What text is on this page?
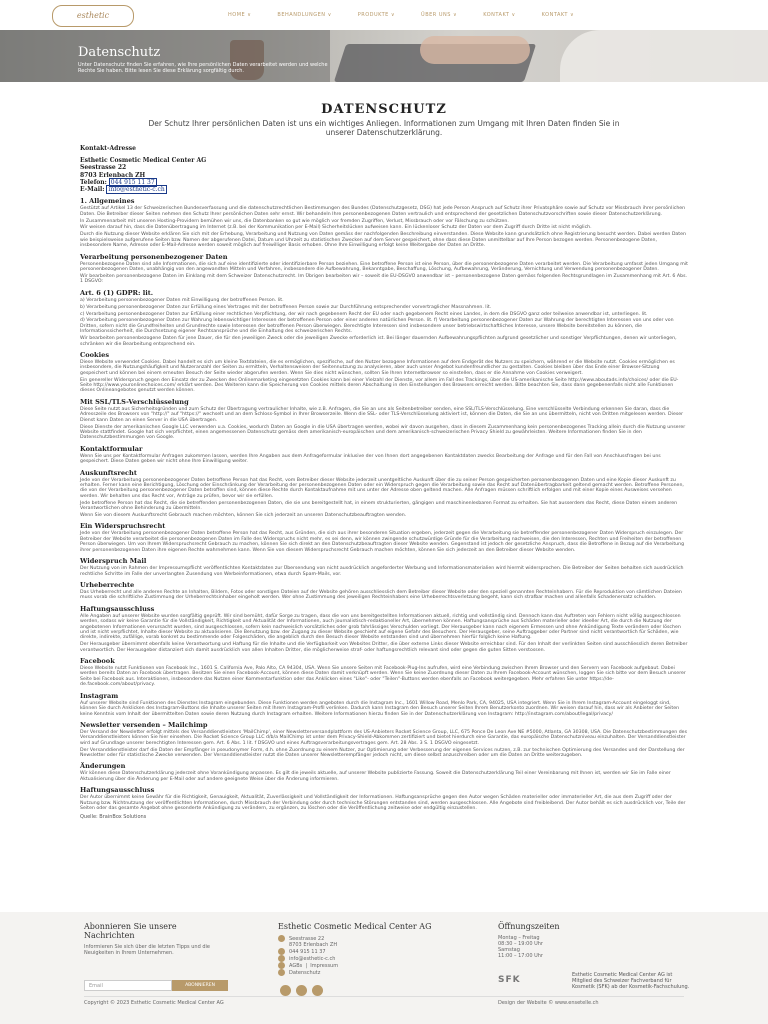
esthetic	HOME ∨	BEHANDLUNGEN ∨	PRODUKTE ∨	ÜBER UNS ∨	KONTAKT ∨	KONTAKT ∨
Datenschutz
Unter Datenschutz finden Sie erfahren, wie Ihre persönlichen Daten verarbeitet werden und welche Rechte Sie haben. Bitte lesen Sie diese Erklärung sorgfältig durch.
DATENSCHUTZ
Der Schutz Ihrer persönlichen Daten ist uns ein wichtiges Anliegen. Informationen zum Umgang mit Ihren Daten finden Sie in unserer Datenschutzerklärung.
Kontakt-Adresse
Esthetic Cosmetic Medical Center AG
Seestrasse 22
8703 Erlenbach ZH
Telefon: 044 915 11 37
E-Mail: info@esthetic-c.ch
1. Allgemeines

Gestützt auf Artikel 13 der Schweizerischen Bundesverfassung und die datenschutzrechtlichen Bestimmungen des Bundes (Datenschutzgesetz, DSG) hat jede Person Anspruch auf Schutz ihrer Privatsphäre sowie auf Schutz vor Missbrauch ihrer persönlichen Daten. Die Betreiber dieser Seiten nehmen den Schutz Ihrer persönlichen Daten sehr ernst. Wir behandeln Ihre personenbezogenen Daten vertraulich und entsprechend der gesetzlichen Datenschutzvorschriften sowie dieser Datenschutzerklärung.

In Zusammenarbeit mit unseren Hosting-Providern bemühen wir uns, die Datenbanken so gut wie möglich vor fremden Zugriffen, Verlust, Missbrauch oder vor Fälschung zu schützen.

Wir weisen darauf hin, dass die Datenübertragung im Internet (z.B. bei der Kommunikation per E-Mail) Sicherheitslücken aufweisen kann. Ein lückenloser Schutz der Daten vor dem Zugriff durch Dritte ist nicht möglich.

Durch die Nutzung dieser Website erklären Sie sich mit der Erhebung, Verarbeitung und Nutzung von Daten gemäss der nachfolgenden Beschreibung einverstanden. Diese Website kann grundsätzlich ohne Registrierung besucht werden. Dabei werden Daten wie beispielsweise aufgerufene Seiten bzw. Namen der abgerufenen Datei, Datum und Uhrzeit zu statistischen Zwecken auf dem Server gespeichert, ohne dass diese Daten unmittelbar auf Ihre Person bezogen werden. Personenbezogene Daten, insbesondere Name, Adresse oder E-Mail-Adresse werden soweit möglich auf freiwilliger Basis erhoben. Ohne Ihre Einwilligung erfolgt keine Weitergabe der Daten an Dritte.

Verarbeitung personenbezogener Daten

Personenbezogene Daten sind alle Informationen, die sich auf eine identifizierte oder identifizierbare Person beziehen. Eine betroffene Person ist eine Person, über die personenbezogene Daten verarbeitet werden. Die Verarbeitung umfasst jeden Umgang mit personenbezogenen Daten, unabhängig von den angewandten Mitteln und Verfahren, insbesondere die Aufbewahrung, Bekanntgabe, Beschaffung, Löschung, Aufbewahrung, Veränderung, Vernichtung und Verwendung personenbezogener Daten.

Wir bearbeiten personenbezogene Daten im Einklang mit dem Schweizer Datenschutzrecht. Im Übrigen bearbeiten wir – soweit die EU-DSGVO anwendbar ist – personenbezogene Daten gemäss folgenden Rechtsgrundlagen im Zusammenhang mit Art. 6 Abs. 1 DSGVO:

Art. 6 (1) GDPR: lit.

a) Verarbeitung personenbezogener Daten mit Einwilligung der betroffenen Person. lit.

b) Verarbeitung personenbezogener Daten zur Erfüllung eines Vertrages mit der betroffenen Person sowie zur Durchführung entsprechender vorvertraglicher Massnahmen. lit.

c) Verarbeitung personenbezogener Daten zur Erfüllung einer rechtlichen Verpflichtung, der wir nach gegebenem Recht der EU oder nach gegebenem Recht eines Landes, in dem die DSGVO ganz oder teilweise anwendbar ist, unterliegen. lit.

d) Verarbeitung personenbezogener Daten zur Wahrung lebenswichtiger Interessen der betroffenen Person oder einer anderen natürlichen Person. lit. f) Verarbeitung personenbezogener Daten zur Wahrung der berechtigten Interessen von uns oder von Dritten, sofern nicht die Grundfreiheiten und Grundrechte sowie Interessen der betroffenen Person überwiegen. Berechtigte Interessen sind insbesondere unser betriebswirtschaftliches Interesse, unsere Website bereitstellen zu können, die Informationssicherheit, die Durchsetzung eigener Rechtsansprüche und die Einhaltung des schweizerischen Rechts.

Wir bearbeiten personenbezogene Daten für jene Dauer, die für den jeweiligen Zweck oder die jeweiligen Zwecke erforderlich ist. Bei länger dauernden Aufbewahrungspflichten aufgrund gesetzlicher und sonstiger Verpflichtungen, denen wir unterliegen, schränken wir die Bearbeitung entsprechend ein.

Cookies

Diese Website verwendet Cookies. Dabei handelt es sich um kleine Textdateien, die es ermöglichen, spezifische, auf den Nutzer bezogene Informationen auf dem Endgerät des Nutzers zu speichern, während er die Website nutzt. Cookies ermöglichen es insbesondere, die Nutzungshäufigkeit und Nutzeranzahl der Seiten zu ermitteln, Verhaltensweisen der Seitennutzung zu analysieren, aber auch unser Angebot kundenfreundlicher zu gestalten. Cookies bleiben über das Ende einer Browser-Sitzung gespeichert und können bei einem erneuten Besuch der Seite wieder abgerufen werden. Wenn Sie dies nicht wünschen, sollten Sie Ihren Internetbrowser so einstellen, dass er die Annahme von Cookies verweigert.

Ein genereller Widerspruch gegen den Einsatz der zu Zwecken des Onlinemarketing eingesetzten Cookies kann bei einer Vielzahl der Dienste, vor allem im Fall des Trackings, über die US-amerikanische Seite http://www.aboutads.info/choices/ oder die EU-Seite http://www.youronlinechoices.com/ erklärt werden. Des Weiteren kann die Speicherung von Cookies mittels deren Abschaltung in den Einstellungen des Browsers erreicht werden. Bitte beachten Sie, dass dann gegebenenfalls nicht alle Funktionen dieses Onlineangebotes genutzt werden können.

Mit SSL/TLS-Verschlüsselung

Diese Seite nutzt aus Sicherheitsgründen und zum Schutz der Übertragung vertraulicher Inhalte, wie z.B. Anfragen, die Sie an uns als Seitenbetreiber senden, eine SSL/TLS-Verschlüsselung. Eine verschlüsselte Verbindung erkennen Sie daran, dass die Adresszeile des Browsers von "http://" auf "https://" wechselt und an dem Schloss-Symbol in Ihrer Browserzeile. Wenn die SSL- oder TLS-Verschlüsselung aktiviert ist, können die Daten, die Sie an uns übermitteln, nicht von Dritten mitgelesen werden. Dieser Dienst kann Daten an einen Server in die USA übertragen.

Diese Dienste der amerikanischen Google LLC verwenden u.a. Cookies, wodurch Daten an Google in die USA übertragen werden, wobei wir davon ausgehen, dass in diesem Zusammenhang kein personenbezogenes Tracking allein durch die Nutzung unserer Website stattfindet. Google hat sich verpflichtet, einen angemessenen Datenschutz gemäss dem amerikanisch-europäischen und dem amerikanisch-schweizerischen Privacy Shield zu gewährleisten. Weitere Informationen finden Sie in den Datenschutzbestimmungen von Google.

Kontaktformular

Wenn Sie uns per Kontaktformular Anfragen zukommen lassen, werden Ihre Angaben aus dem Anfrageformular inklusive der von Ihnen dort angegebenen Kontaktdaten zwecks Bearbeitung der Anfrage und für den Fall von Anschlussfragen bei uns gespeichert. Diese Daten geben wir nicht ohne Ihre Einwilligung weiter.

Auskunftsrecht

Jede von der Verarbeitung personenbezogener Daten betroffene Person hat das Recht, vom Betreiber dieser Website jederzeit unentgeltliche Auskunft über die zu seiner Person gespeicherten personenbezogenen Daten und eine Kopie dieser Auskunft zu erhalten. Ferner kann eine Berichtigung, Löschung oder Einschränkung der Verarbeitung der personenbezogenen Daten oder ein Widerspruch gegen die Verarbeitung sowie das Recht auf Datenübertragbarkeit geltend gemacht werden. Betroffene Personen, die von der Verarbeitung personenbezogener Daten betroffen sind, können diese Rechte durch Kontaktaufnahme mit uns unter der Adresse oben geltend machen. Alle Anfragen müssen schriftlich erfolgen und mit einer Kopie eines Ausweises versehen werden. Wir behalten uns das Recht vor, Anträge zu prüfen, bevor wir sie erfüllen.

Jede betroffene Person hat das Recht, die sie betreffenden personenbezogenen Daten, die sie uns bereitgestellt hat, in einem strukturierten, gängigen und maschinenlesbaren Format zu erhalten. Sie hat ausserdem das Recht, diese Daten einem anderen Verantwortlichen ohne Behinderung zu übermitteln.

Wenn Sie von diesem Auskunftsrecht Gebrauch machen möchten, können Sie sich jederzeit an unseren Datenschutzbeauftragten wenden.

Ein Widerspruchsrecht

Jede von der Verarbeitung personenbezogener Daten betroffene Person hat das Recht, aus Gründen, die sich aus ihrer besonderen Situation ergeben, jederzeit gegen die Verarbeitung sie betreffender personenbezogener Daten Widerspruch einzulegen. Der Betreiber der Website verarbeitet die personenbezogenen Daten im Falle des Widerspruchs nicht mehr, es sei denn, wir können zwingende schutzwürdige Gründe für die Verarbeitung nachweisen, die den Interessen, Rechten und Freiheiten der betroffenen Person überwiegen. Um von Ihrem Widerspruchsrecht Gebrauch zu machen, können Sie sich direkt an den Datenschutzbeauftragten dieser Website wenden. Gegenstand ist jedoch der gesetzliche Anspruch, dass die Betroffene in Bezug auf die Verarbeitung ihrer personenbezogenen Daten ihre eigenen Rechte wahrnehmen kann. Wenn Sie von diesem Widerspruchsrecht Gebrauch machen möchten, können Sie sich jederzeit an den Betreiber dieser Website wenden.

Widerspruch Mail

Der Nutzung von im Rahmen der Impressumspflicht veröffentlichten Kontaktdaten zur Übersendung von nicht ausdrücklich angeforderter Werbung und Informationsmaterialien wird hiermit widersprochen. Die Betreiber der Seiten behalten sich ausdrücklich rechtliche Schritte im Falle der unverlangten Zusendung von Werbeinformationen, etwa durch Spam-Mails, vor.

Urheberrechte

Das Urheberrecht und alle anderen Rechte an Inhalten, Bildern, Fotos oder sonstigen Dateien auf der Website gehören ausschliesslich dem Betreiber dieser Website oder den speziell genannten Rechteinhabern. Für die Reproduktion von sämtlichen Dateien muss vorab die schriftliche Zustimmung der Urheberrechtsinhaber eingeholt werden. Wer ohne Zustimmung des jeweiligen Rechteinhabers eine Urheberrechtsverletzung begeht, kann sich strafbar machen und allenfalls Schadenersatz schulden.

Haftungsausschluss

Alle Angaben auf unserer Website wurden sorgfältig geprüft. Wir sind bemüht, dafür Sorge zu tragen, dass die von uns bereitgestellten Informationen aktuell, richtig und vollständig sind. Dennoch kann das Auftreten von Fehlern nicht völlig ausgeschlossen werden, sodass wir keine Garantie für die Vollständigkeit, Richtigkeit und Aktualität der Informationen, auch journalistisch-redaktioneller Art, übernehmen können. Haftungsansprüche aus Schäden materieller oder ideeller Art, die durch die Nutzung der angebotenen Informationen verursacht wurden, sind ausgeschlossen, sofern kein nachweislich vorsätzliches oder grob fahrlässiges Verschulden vorliegt. Der Herausgeber kann nach eigenem Ermessen und ohne Ankündigung Texte verändern oder löschen und ist nicht verpflichtet, Inhalte dieser Website zu aktualisieren. Die Benutzung bzw. der Zugang zu dieser Website geschieht auf eigene Gefahr des Besuchers. Der Herausgeber, seine Auftraggeber oder Partner sind nicht verantwortlich für Schäden, wie direkte, indirekte, zufällige, vorab konkret zu bestimmende oder Folgeschäden, die angeblich durch den Besuch dieser Website entstanden sind und übernehmen hierfür folglich keine Haftung.

Der Herausgeber übernimmt ebenfalls keine Verantwortung und Haftung für die Inhalte und die Verfügbarkeit von Websites Dritter, die über externe Links dieser Website erreichbar sind. Für den Inhalt der verlinkten Seiten sind ausschliesslich deren Betreiber verantwortlich. Der Herausgeber distanziert sich damit ausdrücklich von allen Inhalten Dritter, die möglicherweise straf- oder haftungsrechtlich relevant sind oder gegen die guten Sitten verstossen.

Facebook

Diese Website nutzt Funktionen von Facebook Inc., 1601 S. California Ave, Palo Alto, CA 94304, USA. Wenn Sie unsere Seiten mit Facebook-Plug-Ins aufrufen, wird eine Verbindung zwischen Ihrem Browser und den Servern von Facebook aufgebaut. Dabei werden bereits Daten an Facebook übertragen. Besitzen Sie einen Facebook-Account, können diese Daten damit verknüpft werden. Wenn Sie keine Zuordnung dieser Daten zu Ihrem Facebook-Account wünschen, loggen Sie sich bitte vor dem Besuch unserer Seite bei Facebook aus. Interaktionen, insbesondere das Nutzen einer Kommentarfunktion oder das Anklicken eines "Like"- oder "Teilen"-Buttons werden ebenfalls an Facebook weitergegeben. Mehr erfahren Sie unter https://de-de.facebook.com/about/privacy.

Instagram

Auf unserer Website sind Funktionen des Dienstes Instagram eingebunden. Diese Funktionen werden angeboten durch die Instagram Inc., 1601 Willow Road, Menlo Park, CA, 94025, USA integriert. Wenn Sie in Ihrem Instagram-Account eingeloggt sind, können Sie durch Anklicken des Instagram-Buttons die Inhalte unserer Seiten mit Ihrem Instagram-Profil verlinken. Dadurch kann Instagram den Besuch unserer Seiten Ihrem Benutzerkonto zuordnen. Wir weisen darauf hin, dass wir als Anbieter der Seiten keine Kenntnis vom Inhalt der übermittelten Daten sowie deren Nutzung durch Instagram erhalten. Weitere Informationen hierzu finden Sie in der Datenschutzerklärung von Instagram: http://instagram.com/about/legal/privacy/

Newsletter versenden – Mailchimp

Der Versand der Newsletter erfolgt mittels des Versanddienstleisters 'MailChimp', einer Newsletterversandplattform des US-Anbieters Rocket Science Group, LLC, 675 Ponce De Leon Ave NE #5000, Atlanta, GA 30308, USA. Die Datenschutzbestimmungen des Versanddienstleisters können Sie hier einsehen. Die Rocket Science Group LLC d/b/a MailChimp ist unter dem Privacy-Shield-Abkommen zertifiziert und bietet hierdurch eine Garantie, das europäische Datenschutzniveau einzuhalten. Der Versanddienstleister wird auf Grundlage unserer berechtigten Interessen gem. Art. 6 Abs. 1 lit. f DSGVO und eines Auftragsverarbeitungsvertrages gem. Art. 28 Abs. 3 S. 1 DSGVO eingesetzt.

Der Versanddienstleister darf die Daten der Empfänger in pseudonymer Form, d.h. ohne Zuordnung zu einem Nutzer, zur Optimierung oder Verbesserung der eigenen Services nutzen, z.B. zur technischen Optimierung des Versandes und der Darstellung der Newsletter oder für statistische Zwecke verwenden. Der Versanddienstleister nutzt die Daten unserer Newsletterempfänger jedoch nicht, um diese selbst anzuschreiben oder um die Daten an Dritte weiterzugeben.

Änderungen

Wir können diese Datenschutzerklärung jederzeit ohne Vorankündigung anpassen. Es gilt die jeweils aktuelle, auf unserer Website publizierte Fassung. Soweit die Datenschutzerklärung Teil einer Vereinbarung mit Ihnen ist, werden wir Sie im Falle einer Aktualisierung über die Änderung per E-Mail oder auf andere geeignete Weise über die Änderung informieren.

Haftungsausschluss

Der Autor übernimmt keine Gewähr für die Richtigkeit, Genauigkeit, Aktualität, Zuverlässigkeit und Vollständigkeit der Informationen. Haftungsansprüche gegen den Autor wegen Schäden materieller oder immaterieller Art, die aus dem Zugriff oder der Nutzung bzw. Nichtnutzung der veröffentlichten Informationen, durch Missbrauch der Verbindung oder durch technische Störungen entstanden sind, werden ausgeschlossen. Alle Angebote sind freibleibend. Der Autor behält es sich ausdrücklich vor, Teile der Seiten oder das gesamte Angebot ohne gesonderte Ankündigung zu verändern, zu ergänzen, zu löschen oder die Veröffentlichung zeitweise oder endgültig einzustellen.

Quelle: BrainBox Solutions

Abonnieren Sie unsere Nachrichten
Informieren Sie sich über die letzten Tipps und die Neuigkeiten in Ihrem Unternehmen.
Esthetic Cosmetic Medical Center AG
Seestrasse 22
8703 Erlenbach ZH
044 915 11 37
info@esthetic-c.ch
AGBs  |  Impressum
Datenschutz
Öffnungszeiten
Montag – Freitag
08:30 – 19:00 Uhr
Samstag
11:00 – 17:00 Uhr
Email	ABONNIEREN
SFK	Esthetic Cosmetic Medical Center AG ist Mitglied des Schweizer Fachverband für Kosmetik (SFK) ab der Kosmetik-Fachschulung.
Copyright © 2023 Esthetic Cosmetic Medical Center AG	Design der Website © www.ensetelle.ch
